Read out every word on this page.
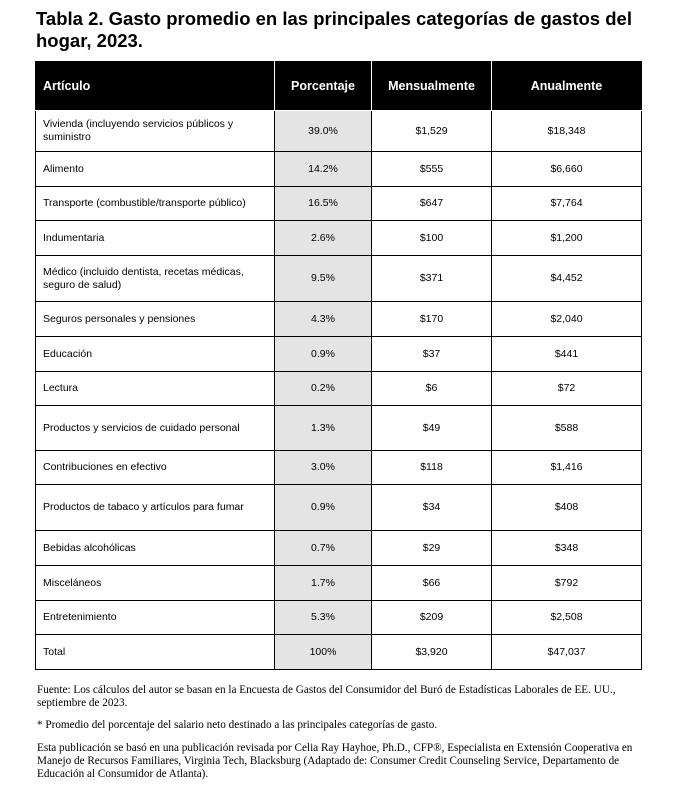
Tabla 2. Gasto promedio en las principales categorías de gastos del hogar, 2023.
Artículo	Porcentaje	Mensualmente	Anualmente
Vivienda (incluyendo servicios públicos y suministro	39.0%	$1,529	$18,348
Alimento	14.2%	$555	$6,660
Transporte (combustible/transporte público)	16.5%	$647	$7,764
Indumentaria	2.6%	$100	$1,200
Médico (incluido dentista, recetas médicas, seguro de salud)	9.5%	$371	$4,452
Seguros personales y pensiones	4.3%	$170	$2,040
Educación	0.9%	$37	$441
Lectura	0.2%	$6	$72
Productos y servicios de cuidado personal	1.3%	$49	$588
Contribuciones en efectivo	3.0%	$118	$1,416
Productos de tabaco y artículos para fumar	0.9%	$34	$408
Bebidas alcohólicas	0.7%	$29	$348
Misceláneos	1.7%	$66	$792
Entretenimiento	5.3%	$209	$2,508
Total	100%	$3,920	$47,037

Fuente: Los cálculos del autor se basan en la Encuesta de Gastos del Consumidor del Buró de Estadísticas Laborales de EE. UU., septiembre de 2023.

* Promedio del porcentaje del salario neto destinado a las principales categorías de gasto.

Esta publicación se basó en una publicación revisada por Celia Ray Hayhoe, Ph.D., CFP®, Especialista en Extensión Cooperativa en Manejo de Recursos Familiares, Virginia Tech, Blacksburg (Adaptado de: Consumer Credit Counseling Service, Departamento de Educación al Consumidor de Atlanta).
